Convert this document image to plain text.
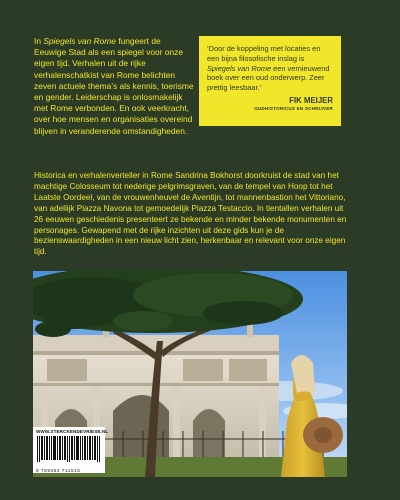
In Spiegels van Rome fungeert de Eeuwige Stad als een spiegel voor onze eigen tijd. Verhalen uit de rijke verhalenschatkist van Rome belichten zeven actuele thema’s als kennis, toerisme en gender. Leiderschap is onlosmakelijk met Rome verbonden. En ook veerkracht, over hoe mensen en organisaties overeind blijven in veranderende omstandigheden.

‘Door de koppeling met locaties en een bijna filosofische inslag is Spiegels van Rome een vernieuwend boek over een oud onderwerp. Zeer prettig leesbaar.’

FIK MEIJER
OUDHISTORICUS EN SCHRIJVER

Historica en verhalenverteller in Rome Sandrina Bokhorst doorkruist de stad van het machtige Colosseum tot nederige pelgrimsgraven, van de tempel van Hoop tot het Laatste Oordeel, van de vrouwenheuvel de Aventijn, tot mannenbastion het Vittoriano, van adellijk Piazza Navona tot gemoedelijk Piazza Testaccio. In tientallen verhalen uit 26 eeuwen geschiedenis presenteert ze bekende en minder bekende monumenten en personages. Gewapend met de rijke inzichten uit deze gids kun je de bezienswaardigheden in een nieuw licht zien, herkenbaar en relevant voor onze eigen tijd.

WWW.STERCKENDEVRIESE.NL
9 789464 711516
